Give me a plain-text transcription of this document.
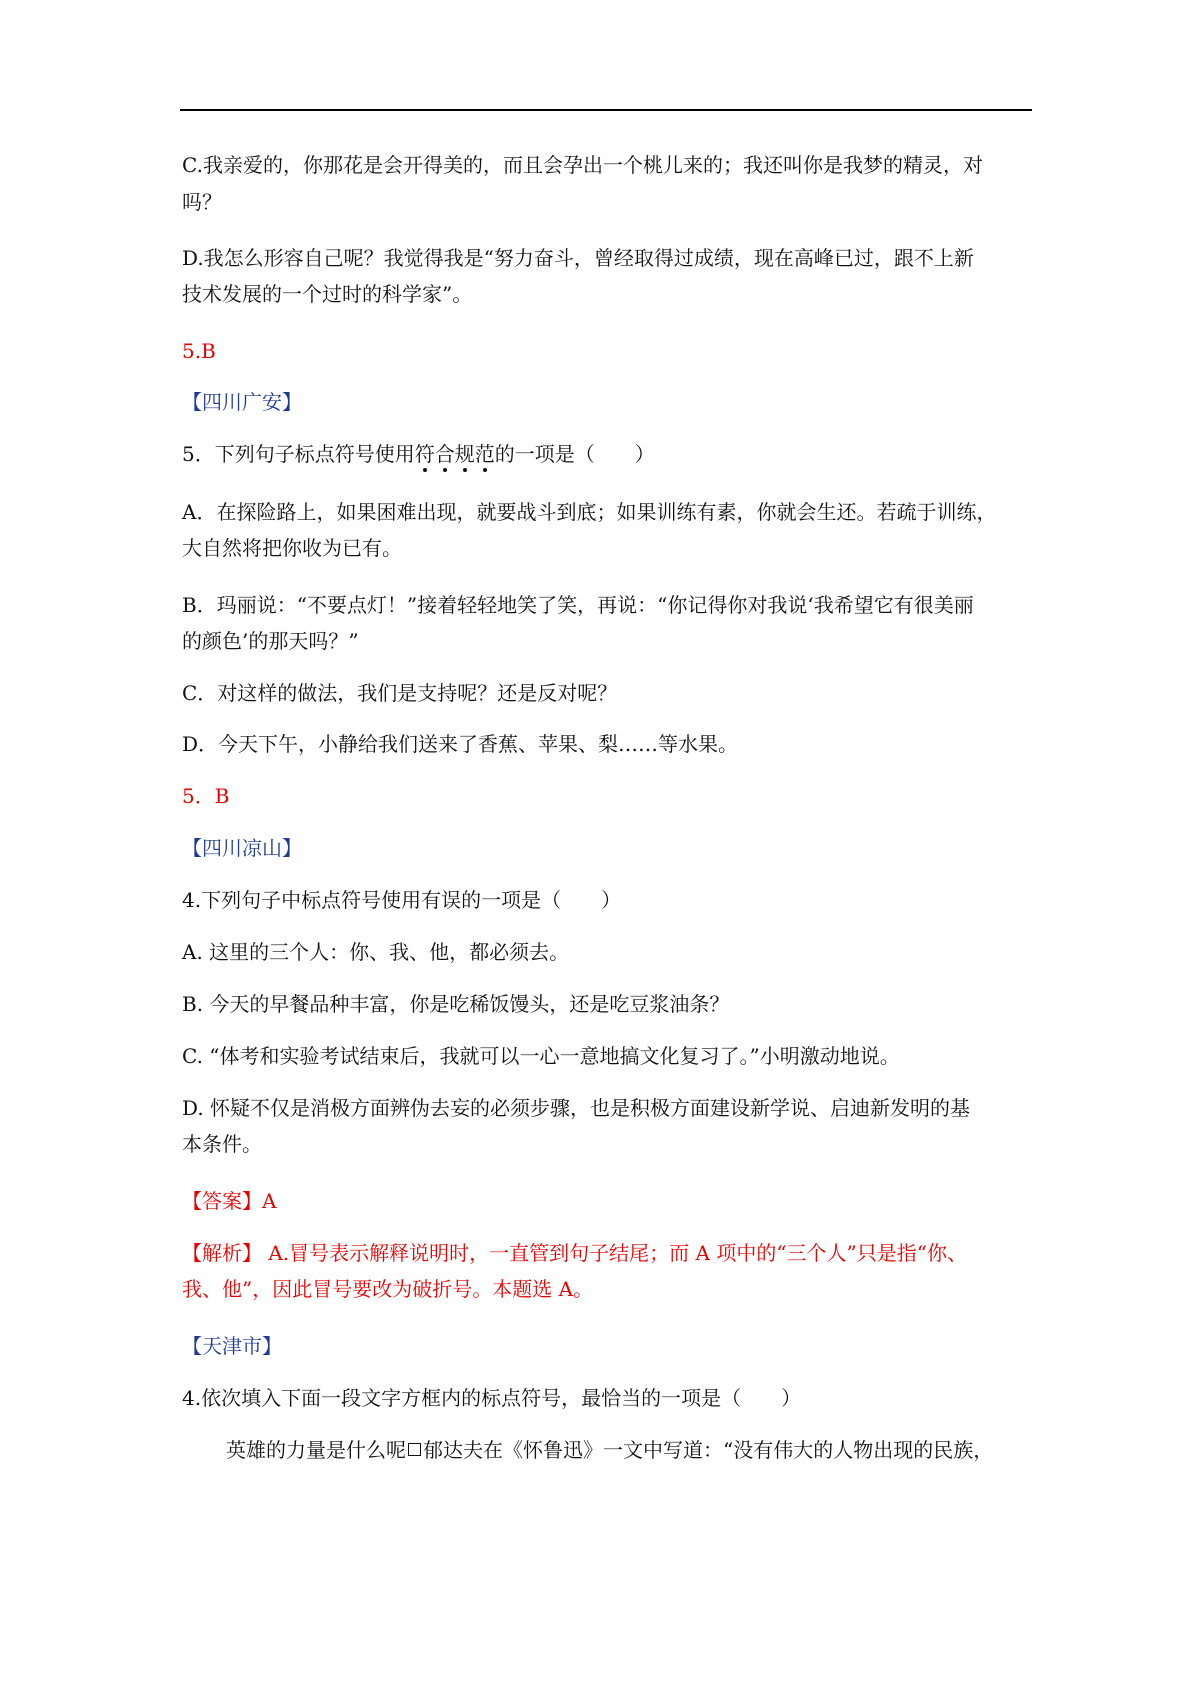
C.我亲爱的，你那花是会开得美的，而且会孕出一个桃儿来的；我还叫你是我梦的精灵，对
吗？
D.我怎么形容自己呢？我觉得我是“努力奋斗，曾经取得过成绩，现在高峰已过，跟不上新
技术发展的一个过时的科学家”。
5.B
【四川广安】
5．下列句子标点符号使用符合规范
的一项是（　　）
A．在探险路上，如果困难出现，就要战斗到底；如果训练有素，你就会生还。若疏于训练，
大自然将把你收为已有。
B．玛丽说：“不要点灯！”接着轻轻地笑了笑，再说：“你记得你对我说‘我希望它有很美丽
的颜色’的那天吗？”
C．对这样的做法，我们是支持呢？还是反对呢？
D．今天下午，小静给我们送来了香蕉、苹果、梨……等水果。
5．B
【四川凉山】
4.下列句子中标点符号使用有误的一项是（　　）
A. 这里的三个人：你、我、他，都必须去。
B. 今天的早餐品种丰富，你是吃稀饭馒头，还是吃豆浆油条？
C. “体考和实验考试结束后，我就可以一心一意地搞文化复习了。”小明激动地说。
D. 怀疑不仅是消极方面辨伪去妄的必须步骤，也是积极方面建设新学说、启迪新发明的基
本条件。
【答案】A
【解析】 A.冒号表示解释说明时，一直管到句子结尾；而 A 项中的“三个人”只是指“你、
我、他”，因此冒号要改为破折号。本题选 A。
【天津市】
4.依次填入下面一段文字方框内的标点符号，最恰当的一项是（　　）
英雄的力量是什么呢 郁达夫在《怀鲁迅》一文中写道：“没有伟大的人物出现的民族，
